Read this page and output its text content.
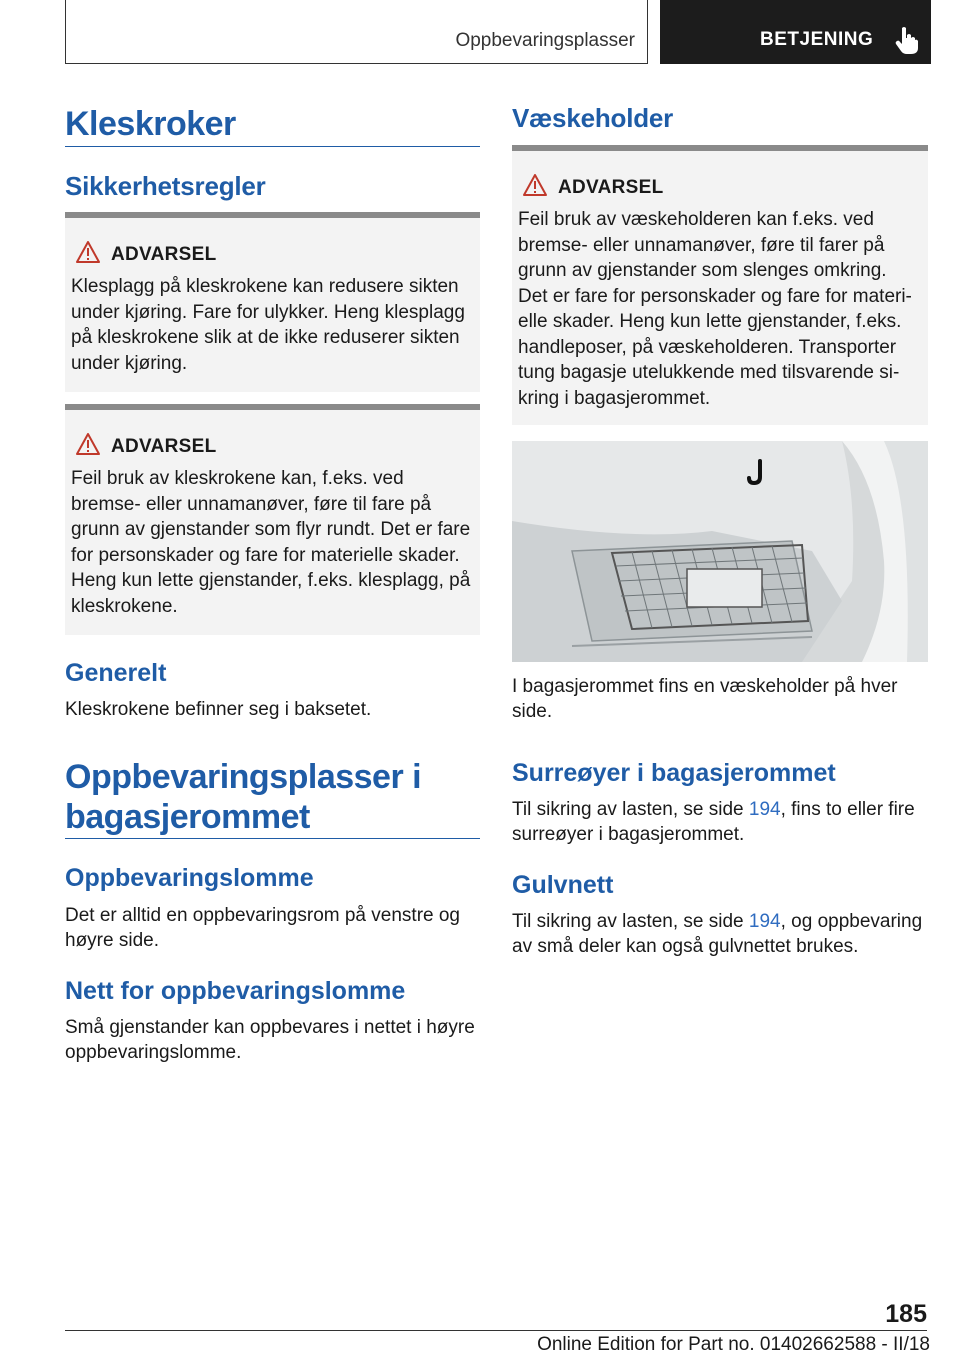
Oppbevaringsplasser	BETJENING
Kleskroker
Sikkerhetsregler
ADVARSEL
Klesplagg på kleskrokene kan redusere sikten under kjøring. Fare for ulykker. Heng klesplagg på kleskrokene slik at de ikke reduserer sikten under kjøring.
ADVARSEL
Feil bruk av kleskrokene kan, f.eks. ved bremse- eller unnamanøver, føre til fare på grunn av gjenstander som flyr rundt. Det er fare for personskader og fare for materielle skader. Heng kun lette gjenstander, f.eks. klesplagg, på kleskrokene.
Generelt

Kleskrokene befinner seg i baksetet.

Oppbevaringsplasser i bagasjerommet
Oppbevaringslomme

Det er alltid en oppbevaringsrom på venstre og høyre side.

Nett for oppbevaringslomme

Små gjenstander kan oppbevares i nettet i høyre oppbevaringslomme.

Væskeholder
ADVARSEL
Feil bruk av væskeholderen kan f.eks. ved bremse- eller unnamanøver, føre til farer på grunn av gjenstander som slenges omkring. Det er fare for personskader og fare for materi-elle skader. Heng kun lette gjenstander, f.eks. handleposer, på væskeholderen. Transporter tung bagasje utelukkende med tilsvarende si-kring i bagasjerommet.

I bagasjerommet fins en væskeholder på hver side.

Surreøyer i bagasjerommet

Til sikring av lasten, se side 194, fins to eller fire surreøyer i bagasjerommet.

Gulvnett

Til sikring av lasten, se side 194, og oppbevaring av små deler kan også gulvnettet brukes.

185
Online Edition for Part no. 01402662588 - II/18
